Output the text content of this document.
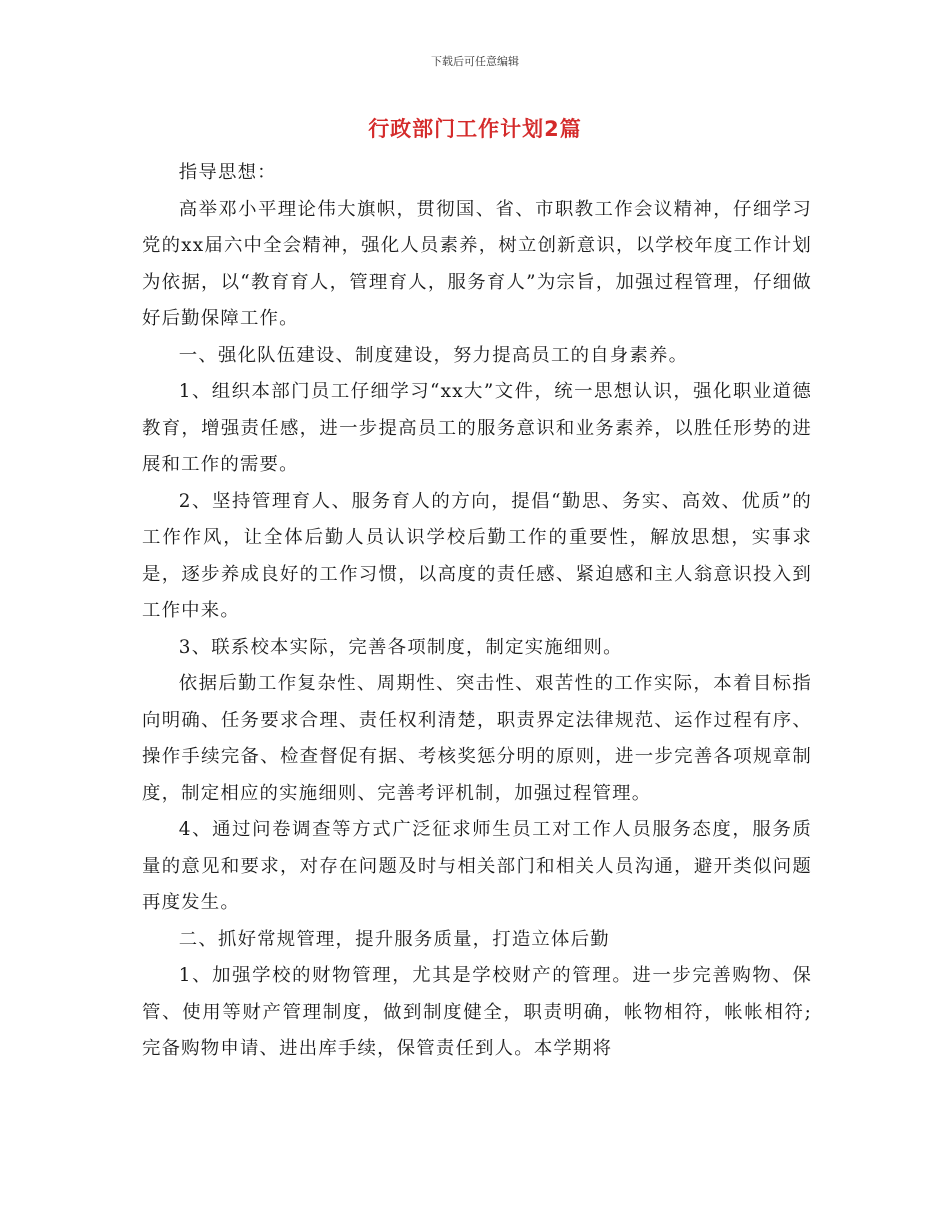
下载后可任意编辑
行政部门工作计划2篇

指导思想：

高举邓小平理论伟大旗帜，贯彻国、省、市职教工作会议精神，仔细学习党的xx届六中全会精神，强化人员素养，树立创新意识，以学校年度工作计划为依据，以“教育育人，管理育人，服务育人”为宗旨，加强过程管理，仔细做好后勤保障工作。

一、强化队伍建设、制度建设，努力提高员工的自身素养。

1、组织本部门员工仔细学习“xx大”文件，统一思想认识，强化职业道德教育，增强责任感，进一步提高员工的服务意识和业务素养，以胜任形势的进展和工作的需要。

2、坚持管理育人、服务育人的方向，提倡“勤思、务实、高效、优质”的工作作风，让全体后勤人员认识学校后勤工作的重要性，解放思想，实事求是，逐步养成良好的工作习惯，以高度的责任感、紧迫感和主人翁意识投入到工作中来。

3、联系校本实际，完善各项制度，制定实施细则。

依据后勤工作复杂性、周期性、突击性、艰苦性的工作实际，本着目标指向明确、任务要求合理、责任权利清楚，职责界定法律规范、运作过程有序、操作手续完备、检查督促有据、考核奖惩分明的原则，进一步完善各项规章制度，制定相应的实施细则、完善考评机制，加强过程管理。

4、通过问卷调查等方式广泛征求师生员工对工作人员服务态度，服务质量的意见和要求，对存在问题及时与相关部门和相关人员沟通，避开类似问题再度发生。

二、抓好常规管理，提升服务质量，打造立体后勤

1、加强学校的财物管理，尤其是学校财产的管理。进一步完善购物、保管、使用等财产管理制度，做到制度健全，职责明确，帐物相符，帐帐相符;完备购物申请、进出库手续，保管责任到人。本学期将
